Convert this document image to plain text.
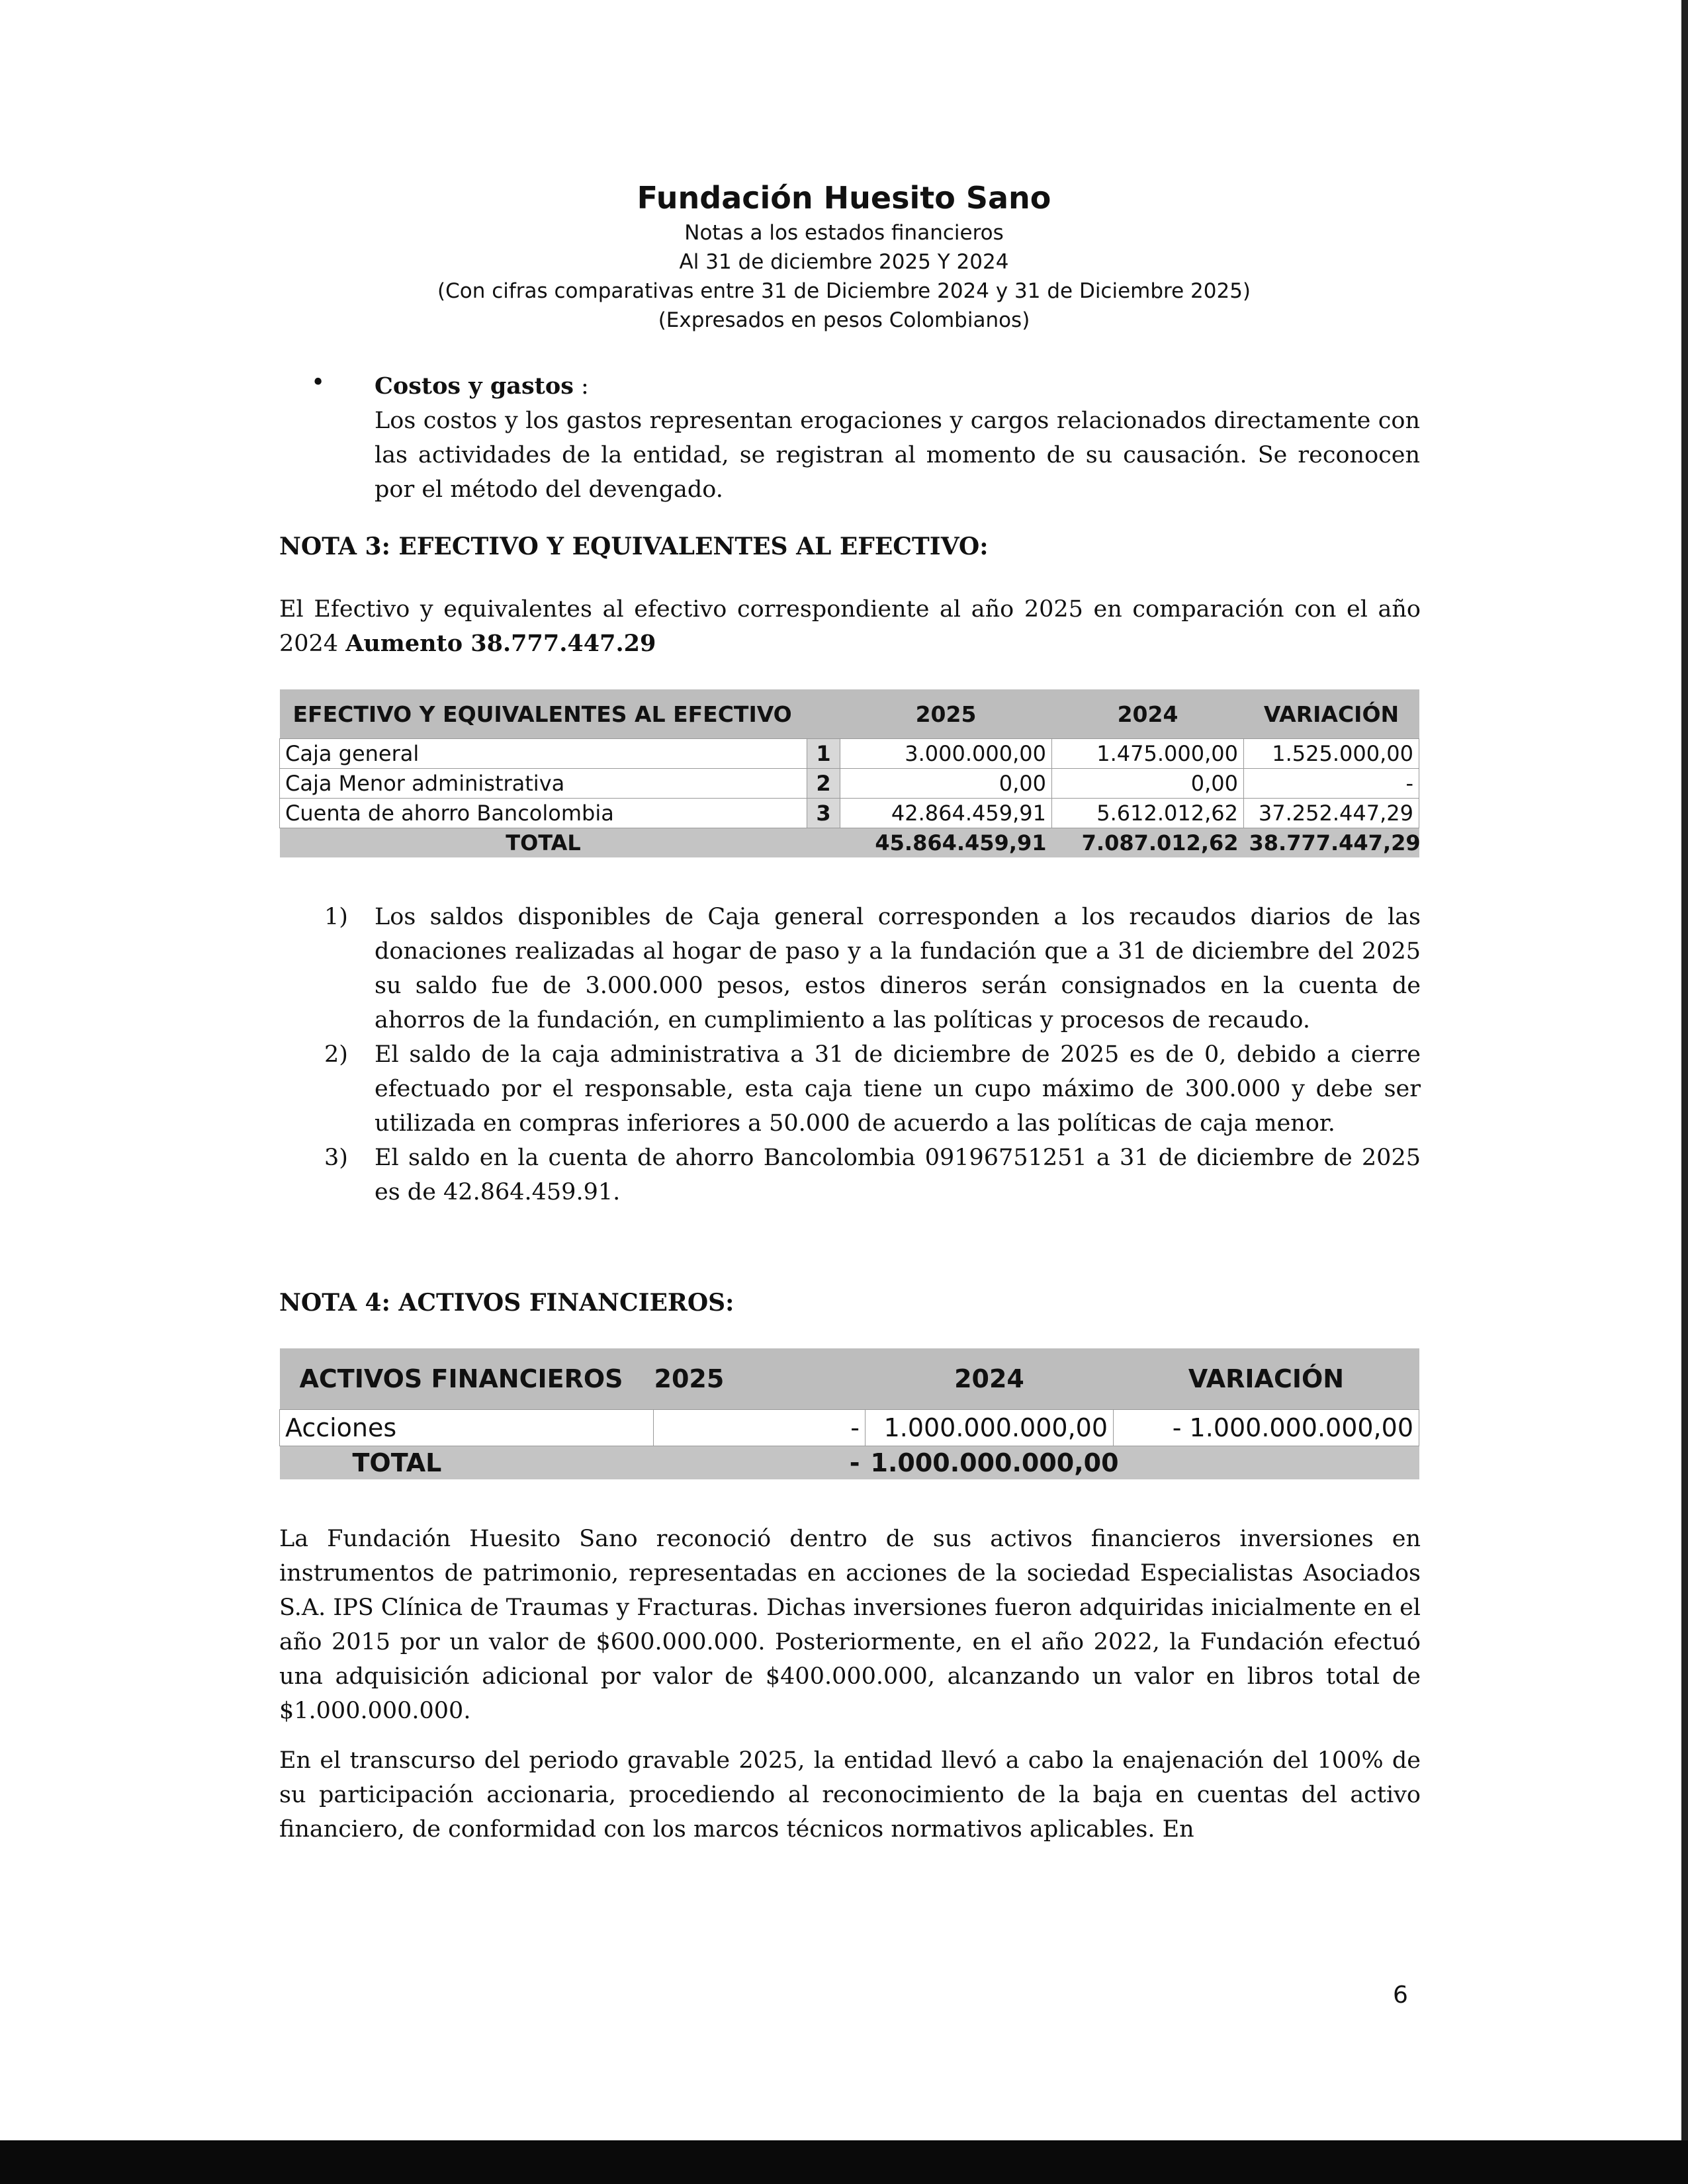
Fundación Huesito Sano
Notas a los estados financieros
Al 31 de diciembre 2025 Y 2024
(Con cifras comparativas entre 31 de Diciembre 2024 y 31 de Diciembre 2025)
(Expresados en pesos Colombianos)
• Costos y gastos :

Los costos y los gastos representan erogaciones y cargos relacionados directamente con las actividades de la entidad, se registran al momento de su causación. Se reconocen por el método del devengado.

NOTA 3: EFECTIVO Y EQUIVALENTES AL EFECTIVO:

El Efectivo y equivalentes al efectivo correspondiente al año 2025 en comparación con el año 2024 Aumento 38.777.447.29

EFECTIVO Y EQUIVALENTES AL EFECTIVO		2025	2024	VARIACIÓN
Caja general	1	3.000.000,00	1.475.000,00	1.525.000,00
Caja Menor administrativa	2	0,00	0,00	-
Cuenta de ahorro Bancolombia	3	42.864.459,91	5.612.012,62	37.252.447,29
TOTAL		45.864.459,91	7.087.012,62	38.777.447,29
1) Los saldos disponibles de Caja general corresponden a los recaudos diarios de las donaciones realizadas al hogar de paso y a la fundación que a 31 de diciembre del 2025 su saldo fue de 3.000.000 pesos, estos dineros serán consignados en la cuenta de ahorros de la fundación, en cumplimiento a las políticas y procesos de recaudo.
2) El saldo de la caja administrativa a 31 de diciembre de 2025 es de 0, debido a cierre efectuado por el responsable, esta caja tiene un cupo máximo de 300.000 y debe ser utilizada en compras inferiores a 50.000 de acuerdo a las políticas de caja menor.
3) El saldo en la cuenta de ahorro Bancolombia 09196751251 a 31 de diciembre de 2025 es de 42.864.459.91.

NOTA 4: ACTIVOS FINANCIEROS:

ACTIVOS FINANCIEROS	2025	2024	VARIACIÓN
Acciones	-	1.000.000.000,00	- 1.000.000.000,00
TOTAL	-	1.000.000.000,00	

La Fundación Huesito Sano reconoció dentro de sus activos financieros inversiones en instrumentos de patrimonio, representadas en acciones de la sociedad Especialistas Asociados S.A. IPS Clínica de Traumas y Fracturas. Dichas inversiones fueron adquiridas inicialmente en el año 2015 por un valor de $600.000.000. Posteriormente, en el año 2022, la Fundación efectuó una adquisición adicional por valor de $400.000.000, alcanzando un valor en libros total de $1.000.000.000.

En el transcurso del periodo gravable 2025, la entidad llevó a cabo la enajenación del 100% de su participación accionaria, procediendo al reconocimiento de la baja en cuentas del activo financiero, de conformidad con los marcos técnicos normativos aplicables. En

6
